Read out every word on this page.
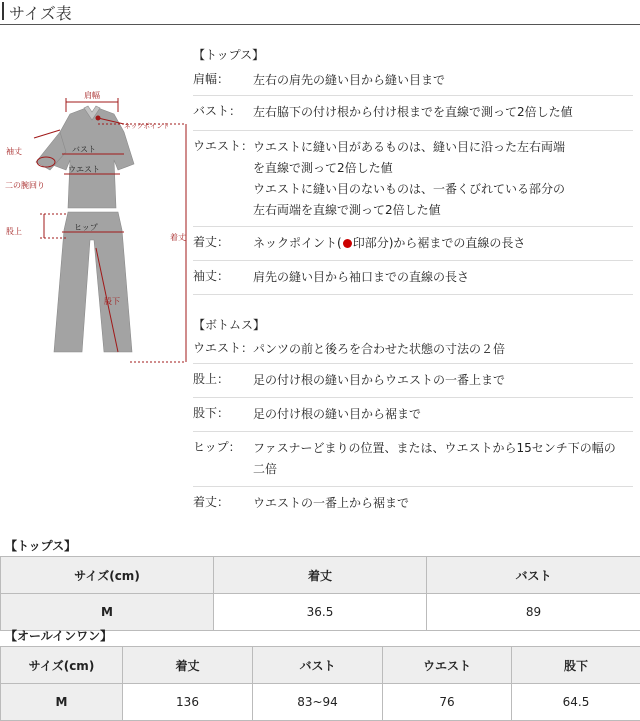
サイズ表
肩幅
ネックポイント
袖丈	バスト
ウエスト
二の腕回り
着丈
股上	ヒップ
股下
【トップス】
肩幅： 左右の肩先の縫い目から縫い目まで
バスト： 左右脇下の付け根から付け根までを直線で測って2倍した値
ウエスト： ウエストに縫い目があるものは、縫い目に沿った左右両端
を直線で測って2倍した値
ウエストに縫い目のないものは、一番くびれている部分の
左右両端を直線で測って2倍した値
着丈： ネックポイント( 印部分)から裾までの直線の長さ
袖丈： 肩先の縫い目から袖口までの直線の長さ
【ボトムス】
ウエスト： パンツの前と後ろを合わせた状態の寸法の２倍
股上： 足の付け根の縫い目からウエストの一番上まで
股下： 足の付け根の縫い目から裾まで
ヒップ： ファスナーどまりの位置、または、ウエストから15センチ下の幅の
二倍
着丈： ウエストの一番上から裾まで
【トップス】
サイズ(cm)	着丈	バスト
M	36.5	89
【オールインワン】
サイズ(cm)	着丈	バスト	ウエスト	股下
M	136	83~94	76	64.5
